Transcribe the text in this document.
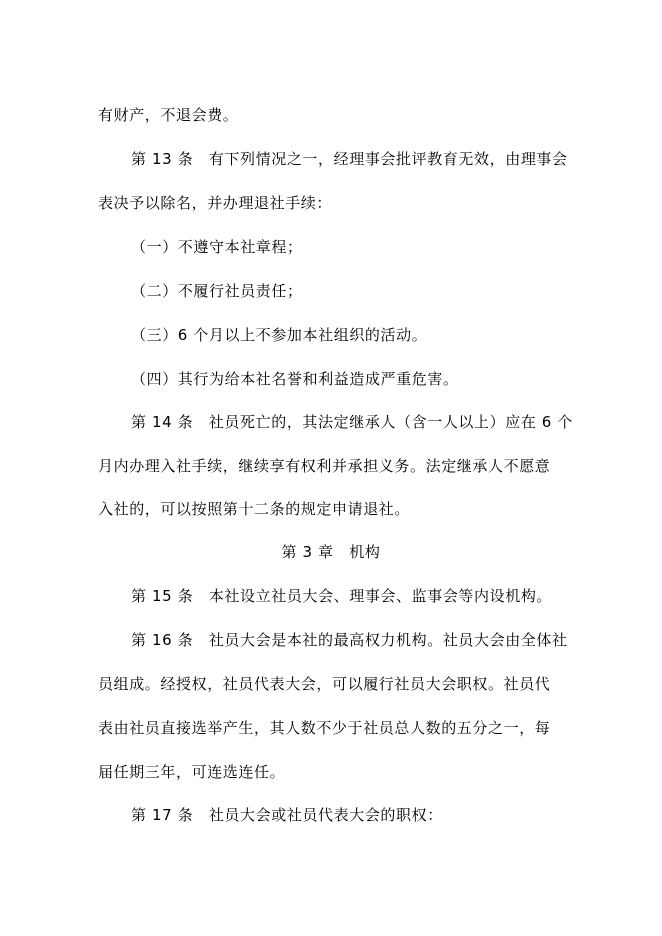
有财产，不退会费。
第 13 条　有下列情况之一，经理事会批评教育无效，由理事会
表决予以除名，并办理退社手续：
（一）不遵守本社章程；
（二）不履行社员责任；
（三）6 个月以上不参加本社组织的活动。
（四）其行为给本社名誉和利益造成严重危害。
第 14 条　社员死亡的，其法定继承人（含一人以上）应在 6 个
月内办理入社手续，继续享有权利并承担义务。法定继承人不愿意
入社的，可以按照第十二条的规定申请退社。
第 3 章　机构
第 15 条　本社设立社员大会、理事会、监事会等内设机构。
第 16 条　社员大会是本社的最高权力机构。社员大会由全体社
员组成。经授权，社员代表大会，可以履行社员大会职权。社员代
表由社员直接选举产生，其人数不少于社员总人数的五分之一，每
届任期三年，可连选连任。
第 17 条　社员大会或社员代表大会的职权：
